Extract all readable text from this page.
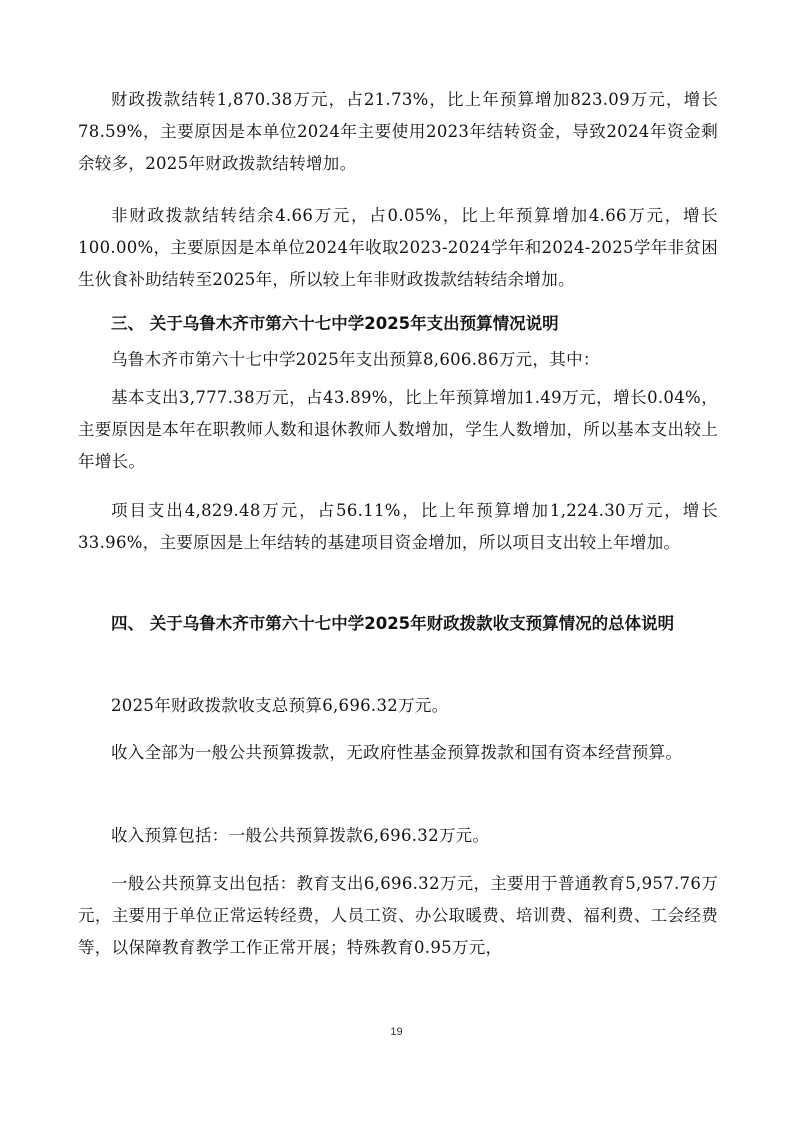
财政拨款结转1,870.38万元，占21.73%，比上年预算增加823.09万元，增长78.59%，主要原因是本单位2024年主要使用2023年结转资金，导致2024年资金剩余较多，2025年财政拨款结转增加。

非财政拨款结转结余4.66万元，占0.05%，比上年预算增加4.66万元，增长100.00%，主要原因是本单位2024年收取2023-2024学年和2024-2025学年非贫困生伙食补助结转至2025年，所以较上年非财政拨款结转结余增加。

三、 关于乌鲁木齐市第六十七中学2025年支出预算情况说明

乌鲁木齐市第六十七中学2025年支出预算8,606.86万元，其中：

基本支出3,777.38万元，占43.89%，比上年预算增加1.49万元，增长0.04%，主要原因是本年在职教师人数和退休教师人数增加，学生人数增加，所以基本支出较上年增长。

项目支出4,829.48万元，占56.11%，比上年预算增加1,224.30万元，增长33.96%，主要原因是上年结转的基建项目资金增加，所以项目支出较上年增加。

四、 关于乌鲁木齐市第六十七中学2025年财政拨款收支预算情况的总体说明

2025年财政拨款收支总预算6,696.32万元。

收入全部为一般公共预算拨款，无政府性基金预算拨款和国有资本经营预算。

收入预算包括：一般公共预算拨款6,696.32万元。

一般公共预算支出包括：教育支出6,696.32万元，主要用于普通教育5,957.76万元，主要用于单位正常运转经费，人员工资、办公取暖费、培训费、福利费、工会经费等，以保障教育教学工作正常开展；特殊教育0.95万元，

19
